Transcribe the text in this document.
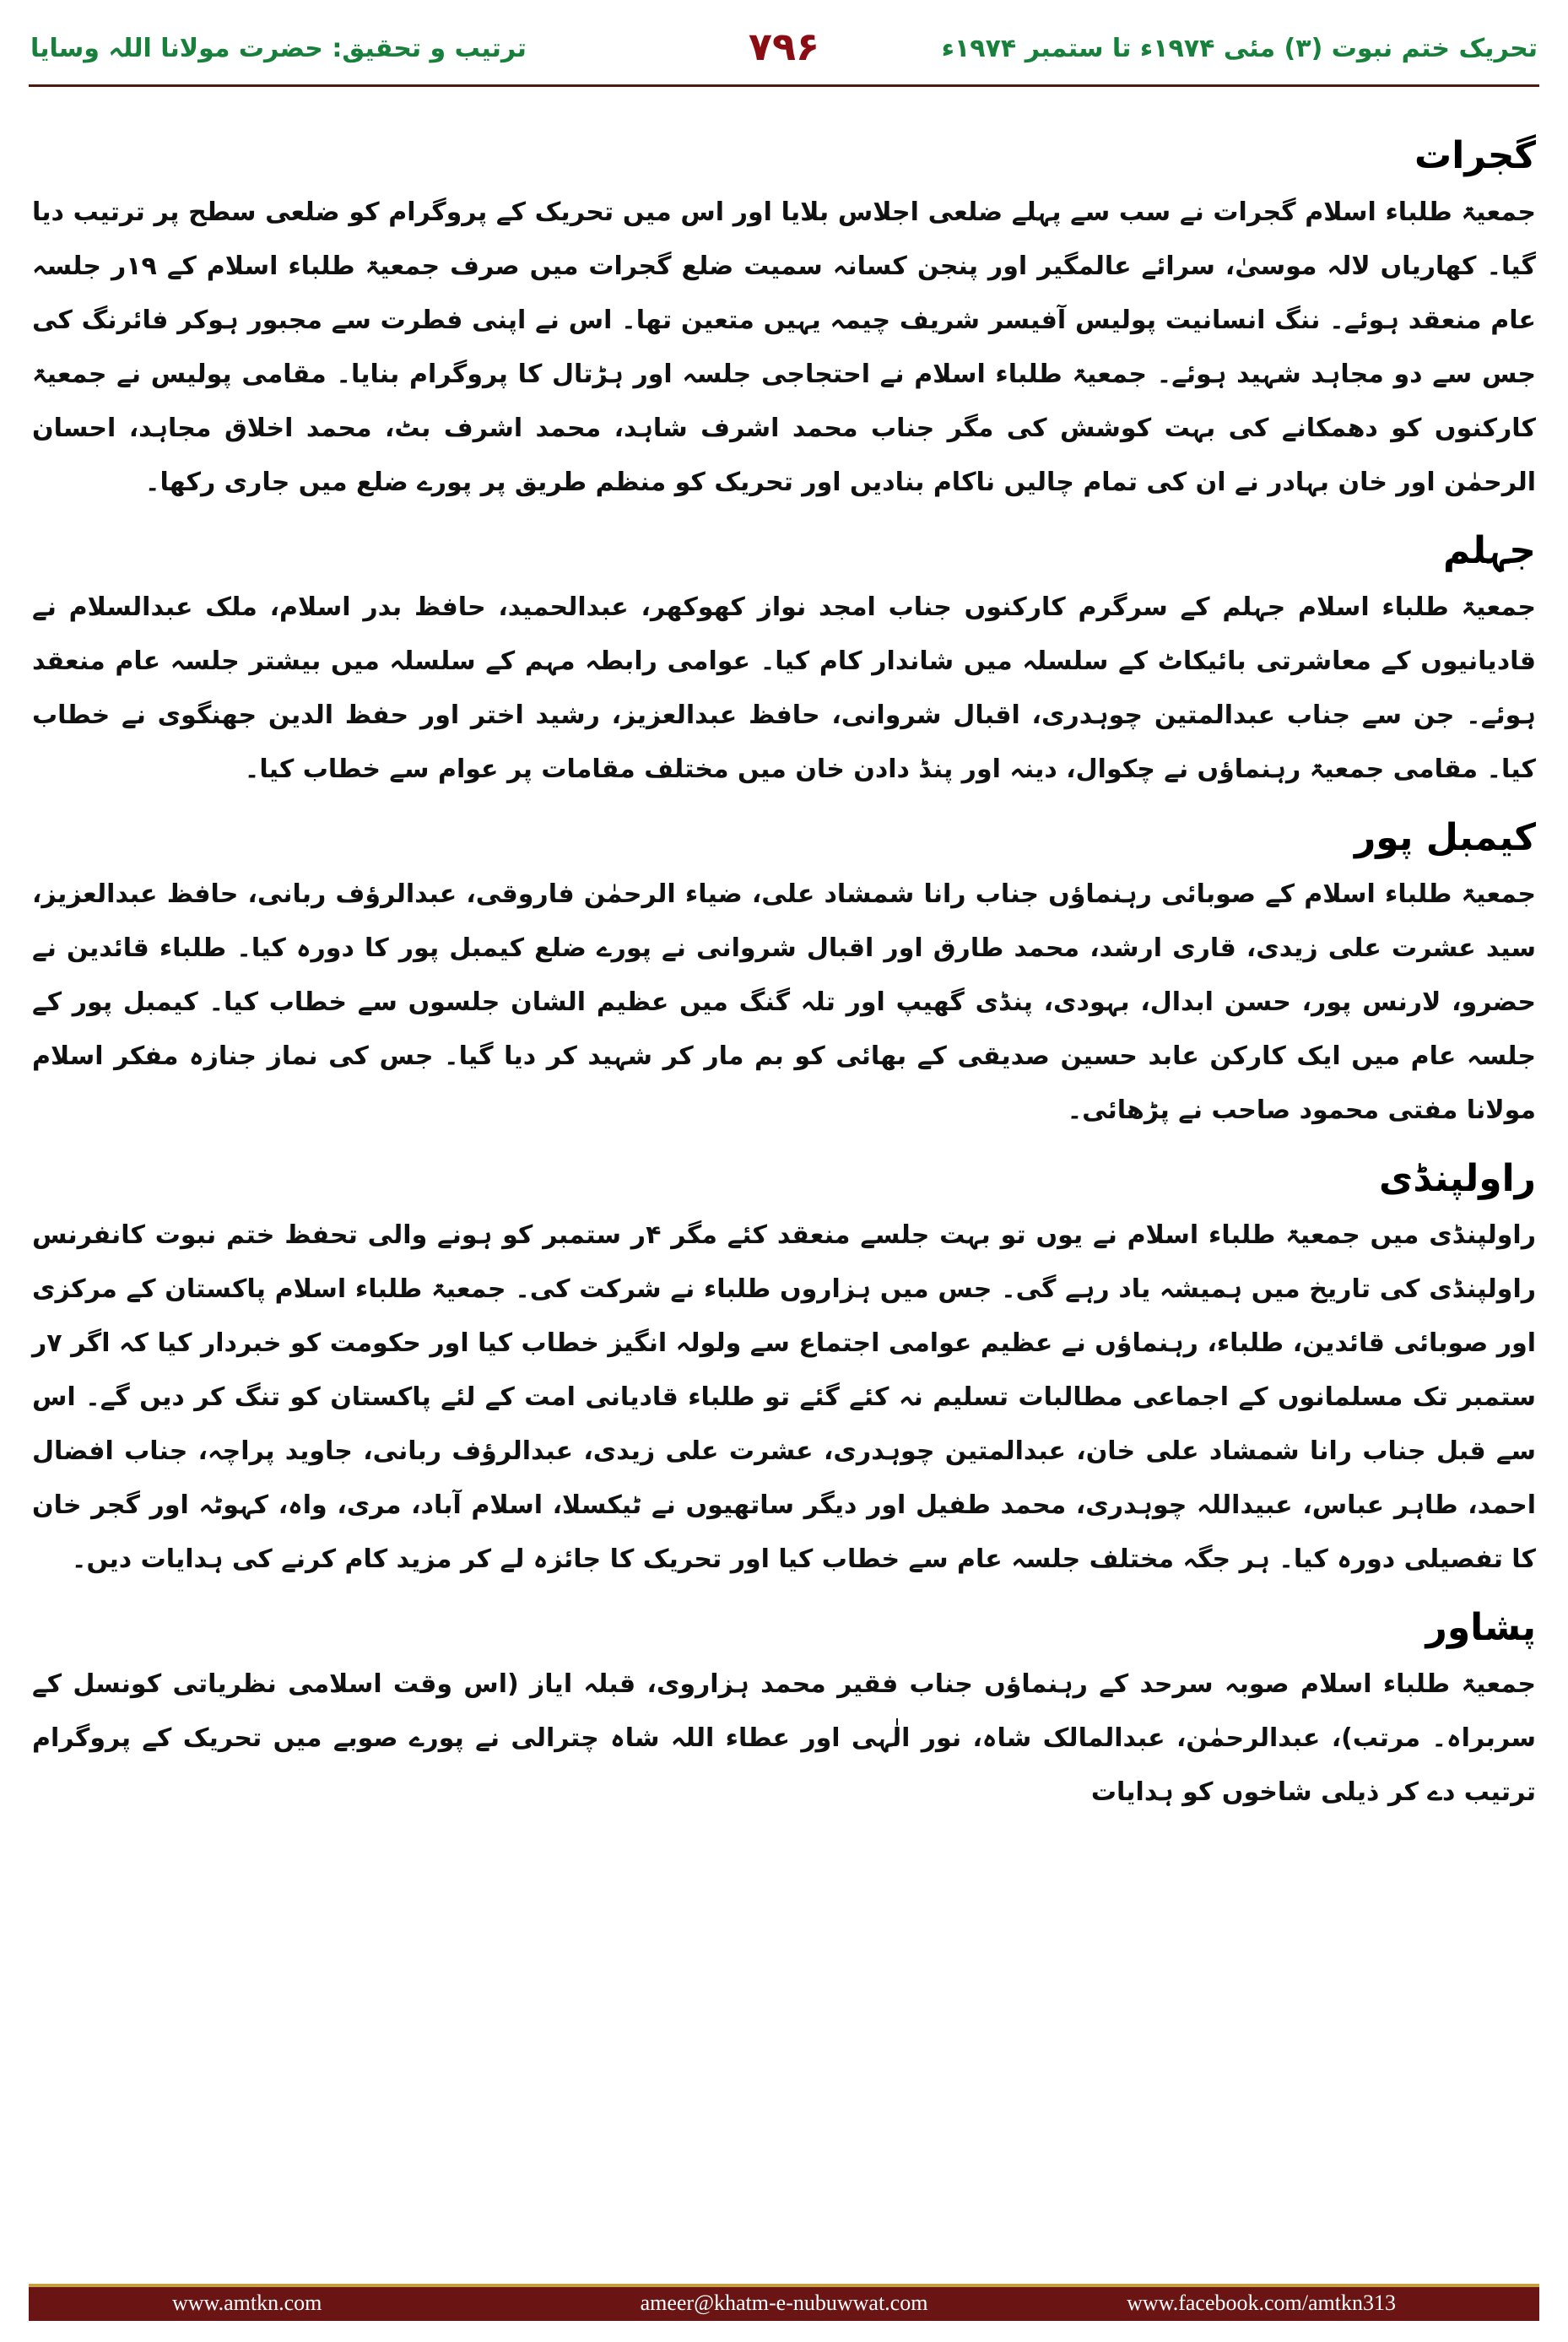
تحریک ختم نبوت (۳) مئی ۱۹۷۴ء تا ستمبر ۱۹۷۴ء
۷۹۶
ترتیب و تحقیق: حضرت مولانا اللہ وسایا
گجرات

جمعیۃ طلباء اسلام گجرات نے سب سے پہلے ضلعی اجلاس بلایا اور اس میں تحریک کے پروگرام کو ضلعی سطح پر ترتیب دیا گیا۔ کھاریاں لالہ موسیٰ، سرائے عالمگیر اور پنجن کسانہ سمیت ضلع گجرات میں صرف جمعیۃ طلباء اسلام کے ۱۹ر جلسہ عام منعقد ہوئے۔ ننگ انسانیت پولیس آفیسر شریف چیمہ یہیں متعین تھا۔ اس نے اپنی فطرت سے مجبور ہوکر فائرنگ کی جس سے دو مجاہد شہید ہوئے۔ جمعیۃ طلباء اسلام نے احتجاجی جلسہ اور ہڑتال کا پروگرام بنایا۔ مقامی پولیس نے جمعیۃ کارکنوں کو دھمکانے کی بہت کوشش کی مگر جناب محمد اشرف شاہد، محمد اشرف بٹ، محمد اخلاق مجاہد، احسان الرحمٰن اور خان بہادر نے ان کی تمام چالیں ناکام بنادیں اور تحریک کو منظم طریق پر پورے ضلع میں جاری رکھا۔

جہلم

جمعیۃ طلباء اسلام جہلم کے سرگرم کارکنوں جناب امجد نواز کھوکھر، عبدالحمید، حافظ بدر اسلام، ملک عبدالسلام نے قادیانیوں کے معاشرتی بائیکاٹ کے سلسلہ میں شاندار کام کیا۔ عوامی رابطہ مہم کے سلسلہ میں بیشتر جلسہ عام منعقد ہوئے۔ جن سے جناب عبدالمتین چوہدری، اقبال شروانی، حافظ عبدالعزیز، رشید اختر اور حفظ الدین جھنگوی نے خطاب کیا۔ مقامی جمعیۃ رہنماؤں نے چکوال، دینہ اور پنڈ دادن خان میں مختلف مقامات پر عوام سے خطاب کیا۔

کیمبل پور

جمعیۃ طلباء اسلام کے صوبائی رہنماؤں جناب رانا شمشاد علی، ضیاء الرحمٰن فاروقی، عبدالرؤف ربانی، حافظ عبدالعزیز، سید عشرت علی زیدی، قاری ارشد، محمد طارق اور اقبال شروانی نے پورے ضلع کیمبل پور کا دورہ کیا۔ طلباء قائدین نے حضرو، لارنس پور، حسن ابدال، بہودی، پنڈی گھیپ اور تلہ گنگ میں عظیم الشان جلسوں سے خطاب کیا۔ کیمبل پور کے جلسہ عام میں ایک کارکن عابد حسین صدیقی کے بھائی کو بم مار کر شہید کر دیا گیا۔ جس کی نماز جنازہ مفکر اسلام مولانا مفتی محمود صاحب نے پڑھائی۔

راولپنڈی

راولپنڈی میں جمعیۃ طلباء اسلام نے یوں تو بہت جلسے منعقد کئے مگر ۴ر ستمبر کو ہونے والی تحفظ ختم نبوت کانفرنس راولپنڈی کی تاریخ میں ہمیشہ یاد رہے گی۔ جس میں ہزاروں طلباء نے شرکت کی۔ جمعیۃ طلباء اسلام پاکستان کے مرکزی اور صوبائی قائدین، طلباء، رہنماؤں نے عظیم عوامی اجتماع سے ولولہ انگیز خطاب کیا اور حکومت کو خبردار کیا کہ اگر ۷ر ستمبر تک مسلمانوں کے اجماعی مطالبات تسلیم نہ کئے گئے تو طلباء قادیانی امت کے لئے پاکستان کو تنگ کر دیں گے۔ اس سے قبل جناب رانا شمشاد علی خان، عبدالمتین چوہدری، عشرت علی زیدی، عبدالرؤف ربانی، جاوید پراچہ، جناب افضال احمد، طاہر عباس، عبیداللہ چوہدری، محمد طفیل اور دیگر ساتھیوں نے ٹیکسلا، اسلام آباد، مری، واہ، کہوٹہ اور گجر خان کا تفصیلی دورہ کیا۔ ہر جگہ مختلف جلسہ عام سے خطاب کیا اور تحریک کا جائزہ لے کر مزید کام کرنے کی ہدایات دیں۔

پشاور

جمعیۃ طلباء اسلام صوبہ سرحد کے رہنماؤں جناب فقیر محمد ہزاروی، قبلہ ایاز (اس وقت اسلامی نظریاتی کونسل کے سربراہ۔ مرتب)، عبدالرحمٰن، عبدالمالک شاہ، نور الٰہی اور عطاء اللہ شاہ چترالی نے پورے صوبے میں تحریک کے پروگرام ترتیب دے کر ذیلی شاخوں کو ہدایات

www.amtkn.com	ameer@khatm-e-nubuwwat.com	www.facebook.com/amtkn313
